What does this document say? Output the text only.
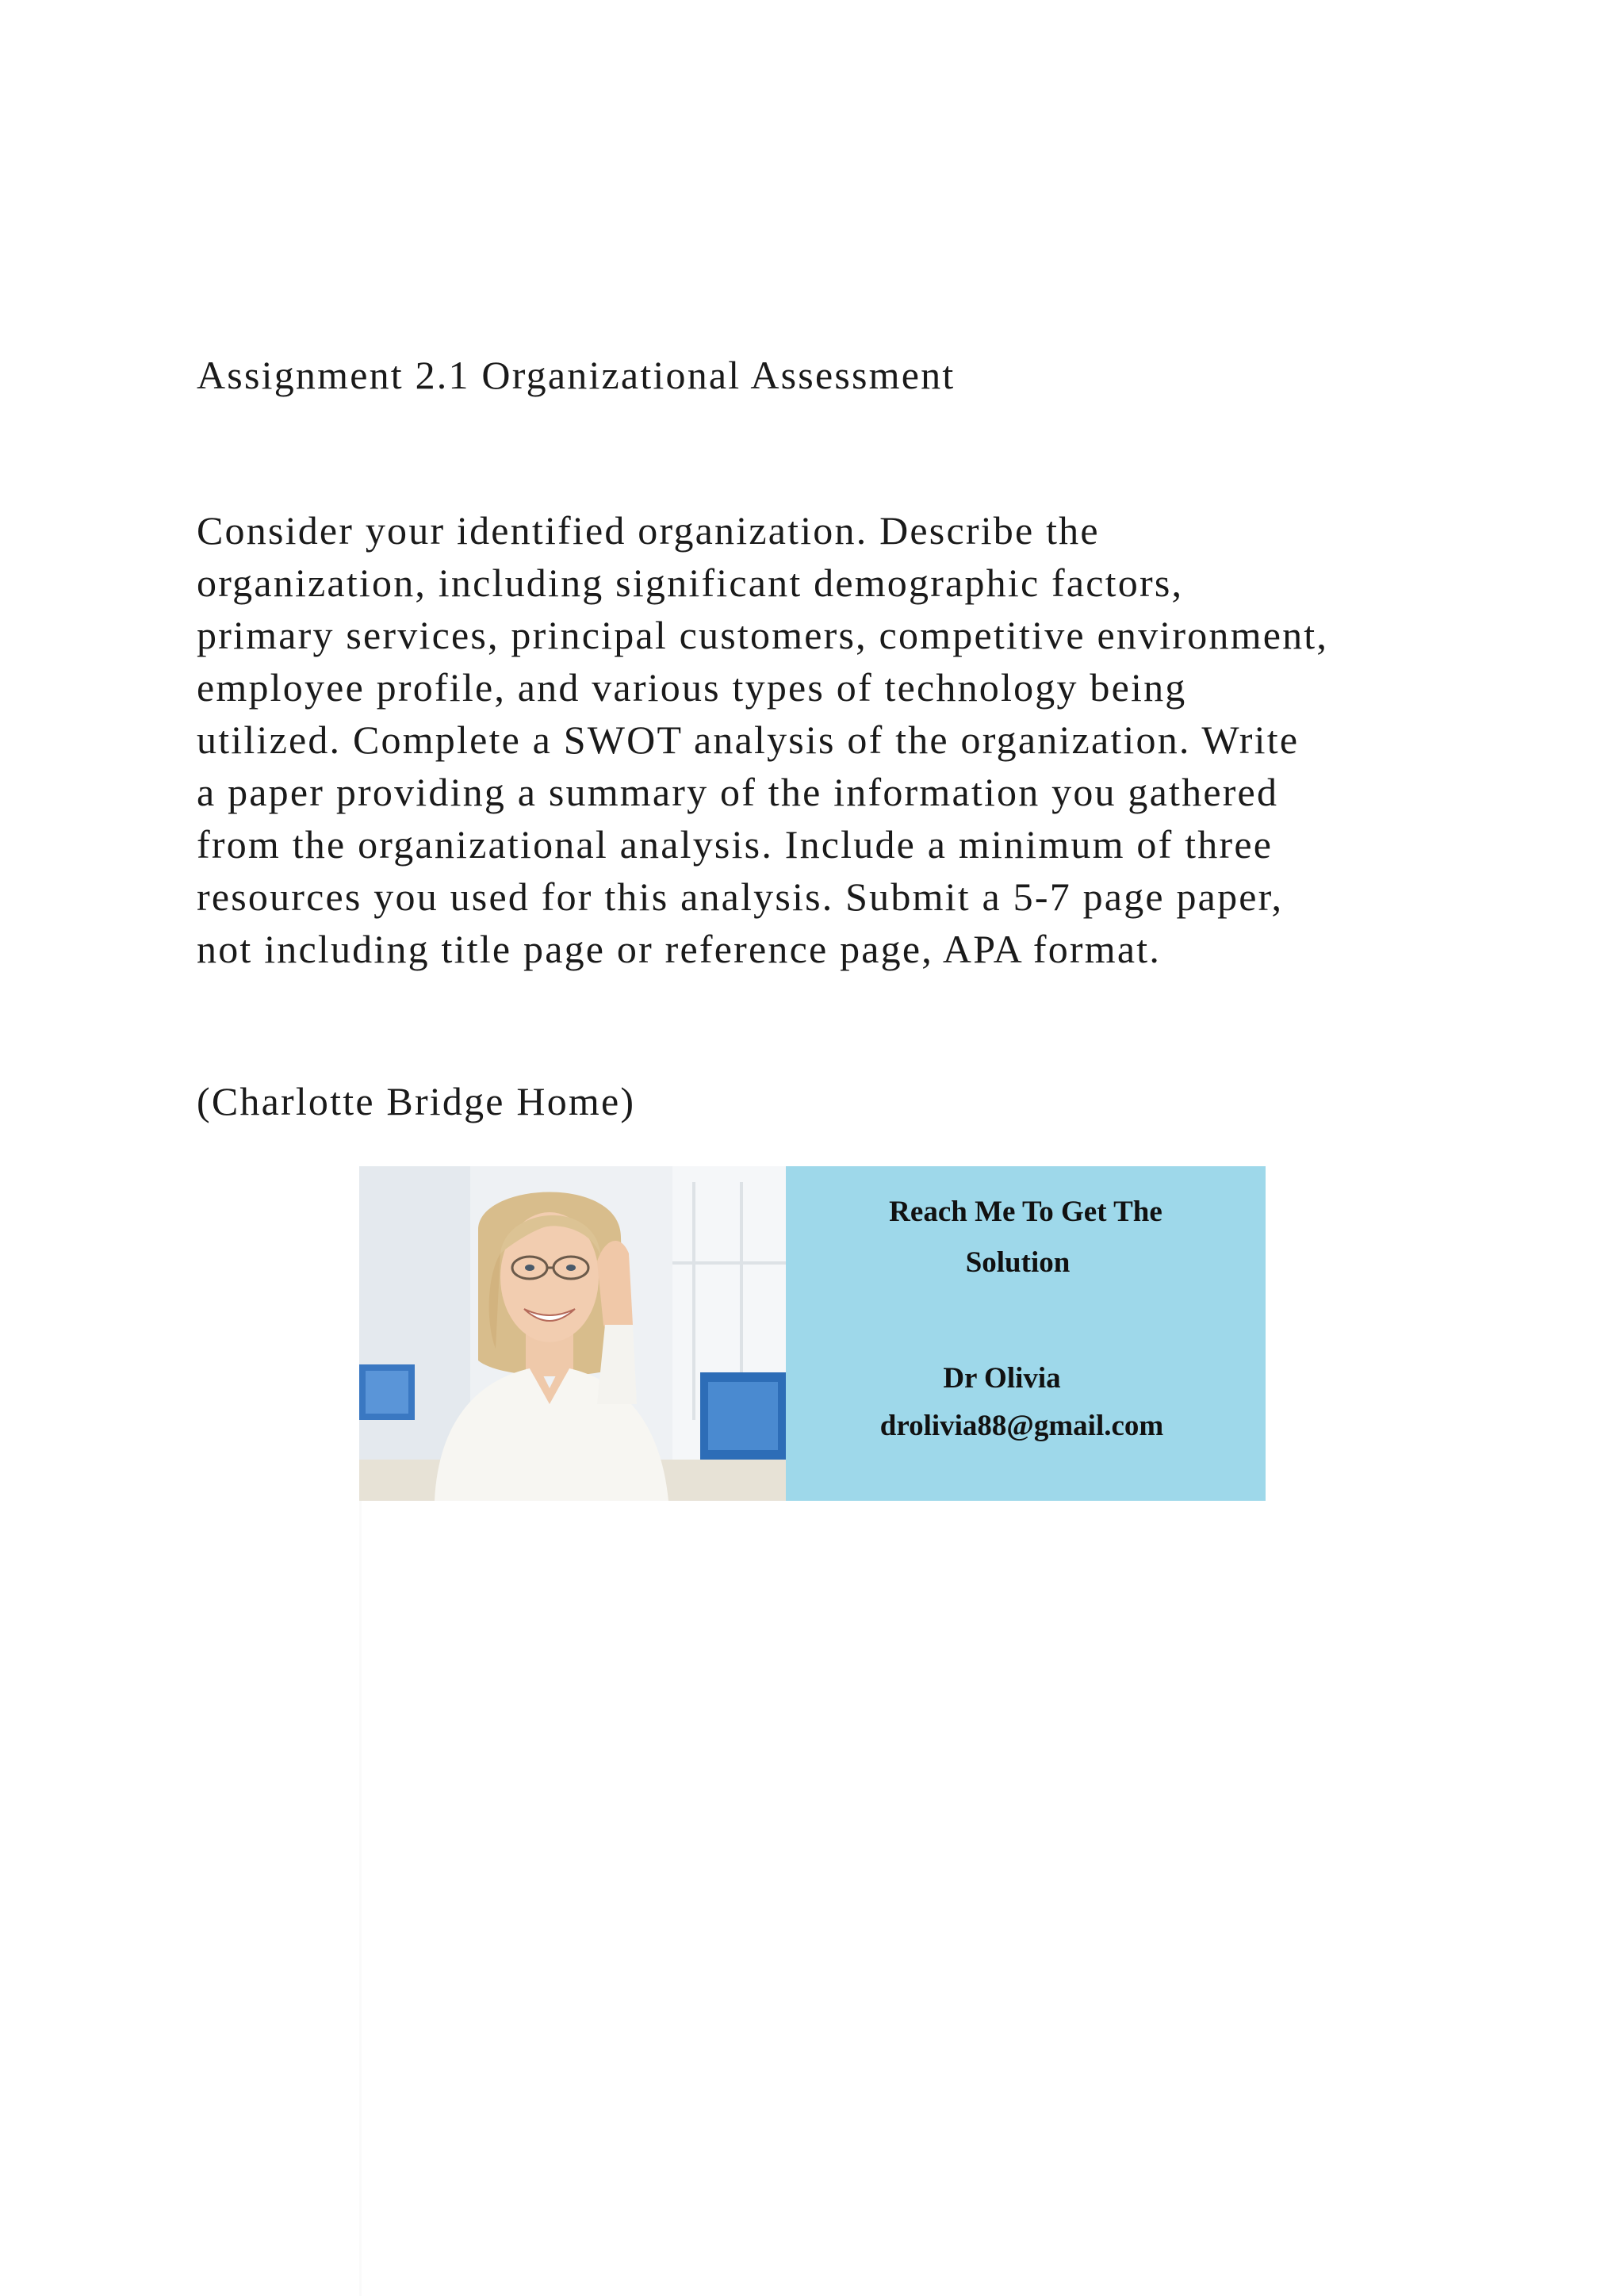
Assignment 2.1 Organizational Assessment
Consider your identified organization. Describe the
organization, including significant demographic factors,
primary services, principal customers, competitive environment,
employee profile, and various types of technology being
utilized. Complete a SWOT analysis of the organization. Write
a paper providing a summary of the information you gathered
from the organizational analysis. Include a minimum of three
resources you used for this analysis. Submit a 5-7 page paper,
not including title page or reference page, APA format.
(Charlotte Bridge Home)
Reach Me To Get The
Solution
Dr Olivia
drolivia88@gmail.com
